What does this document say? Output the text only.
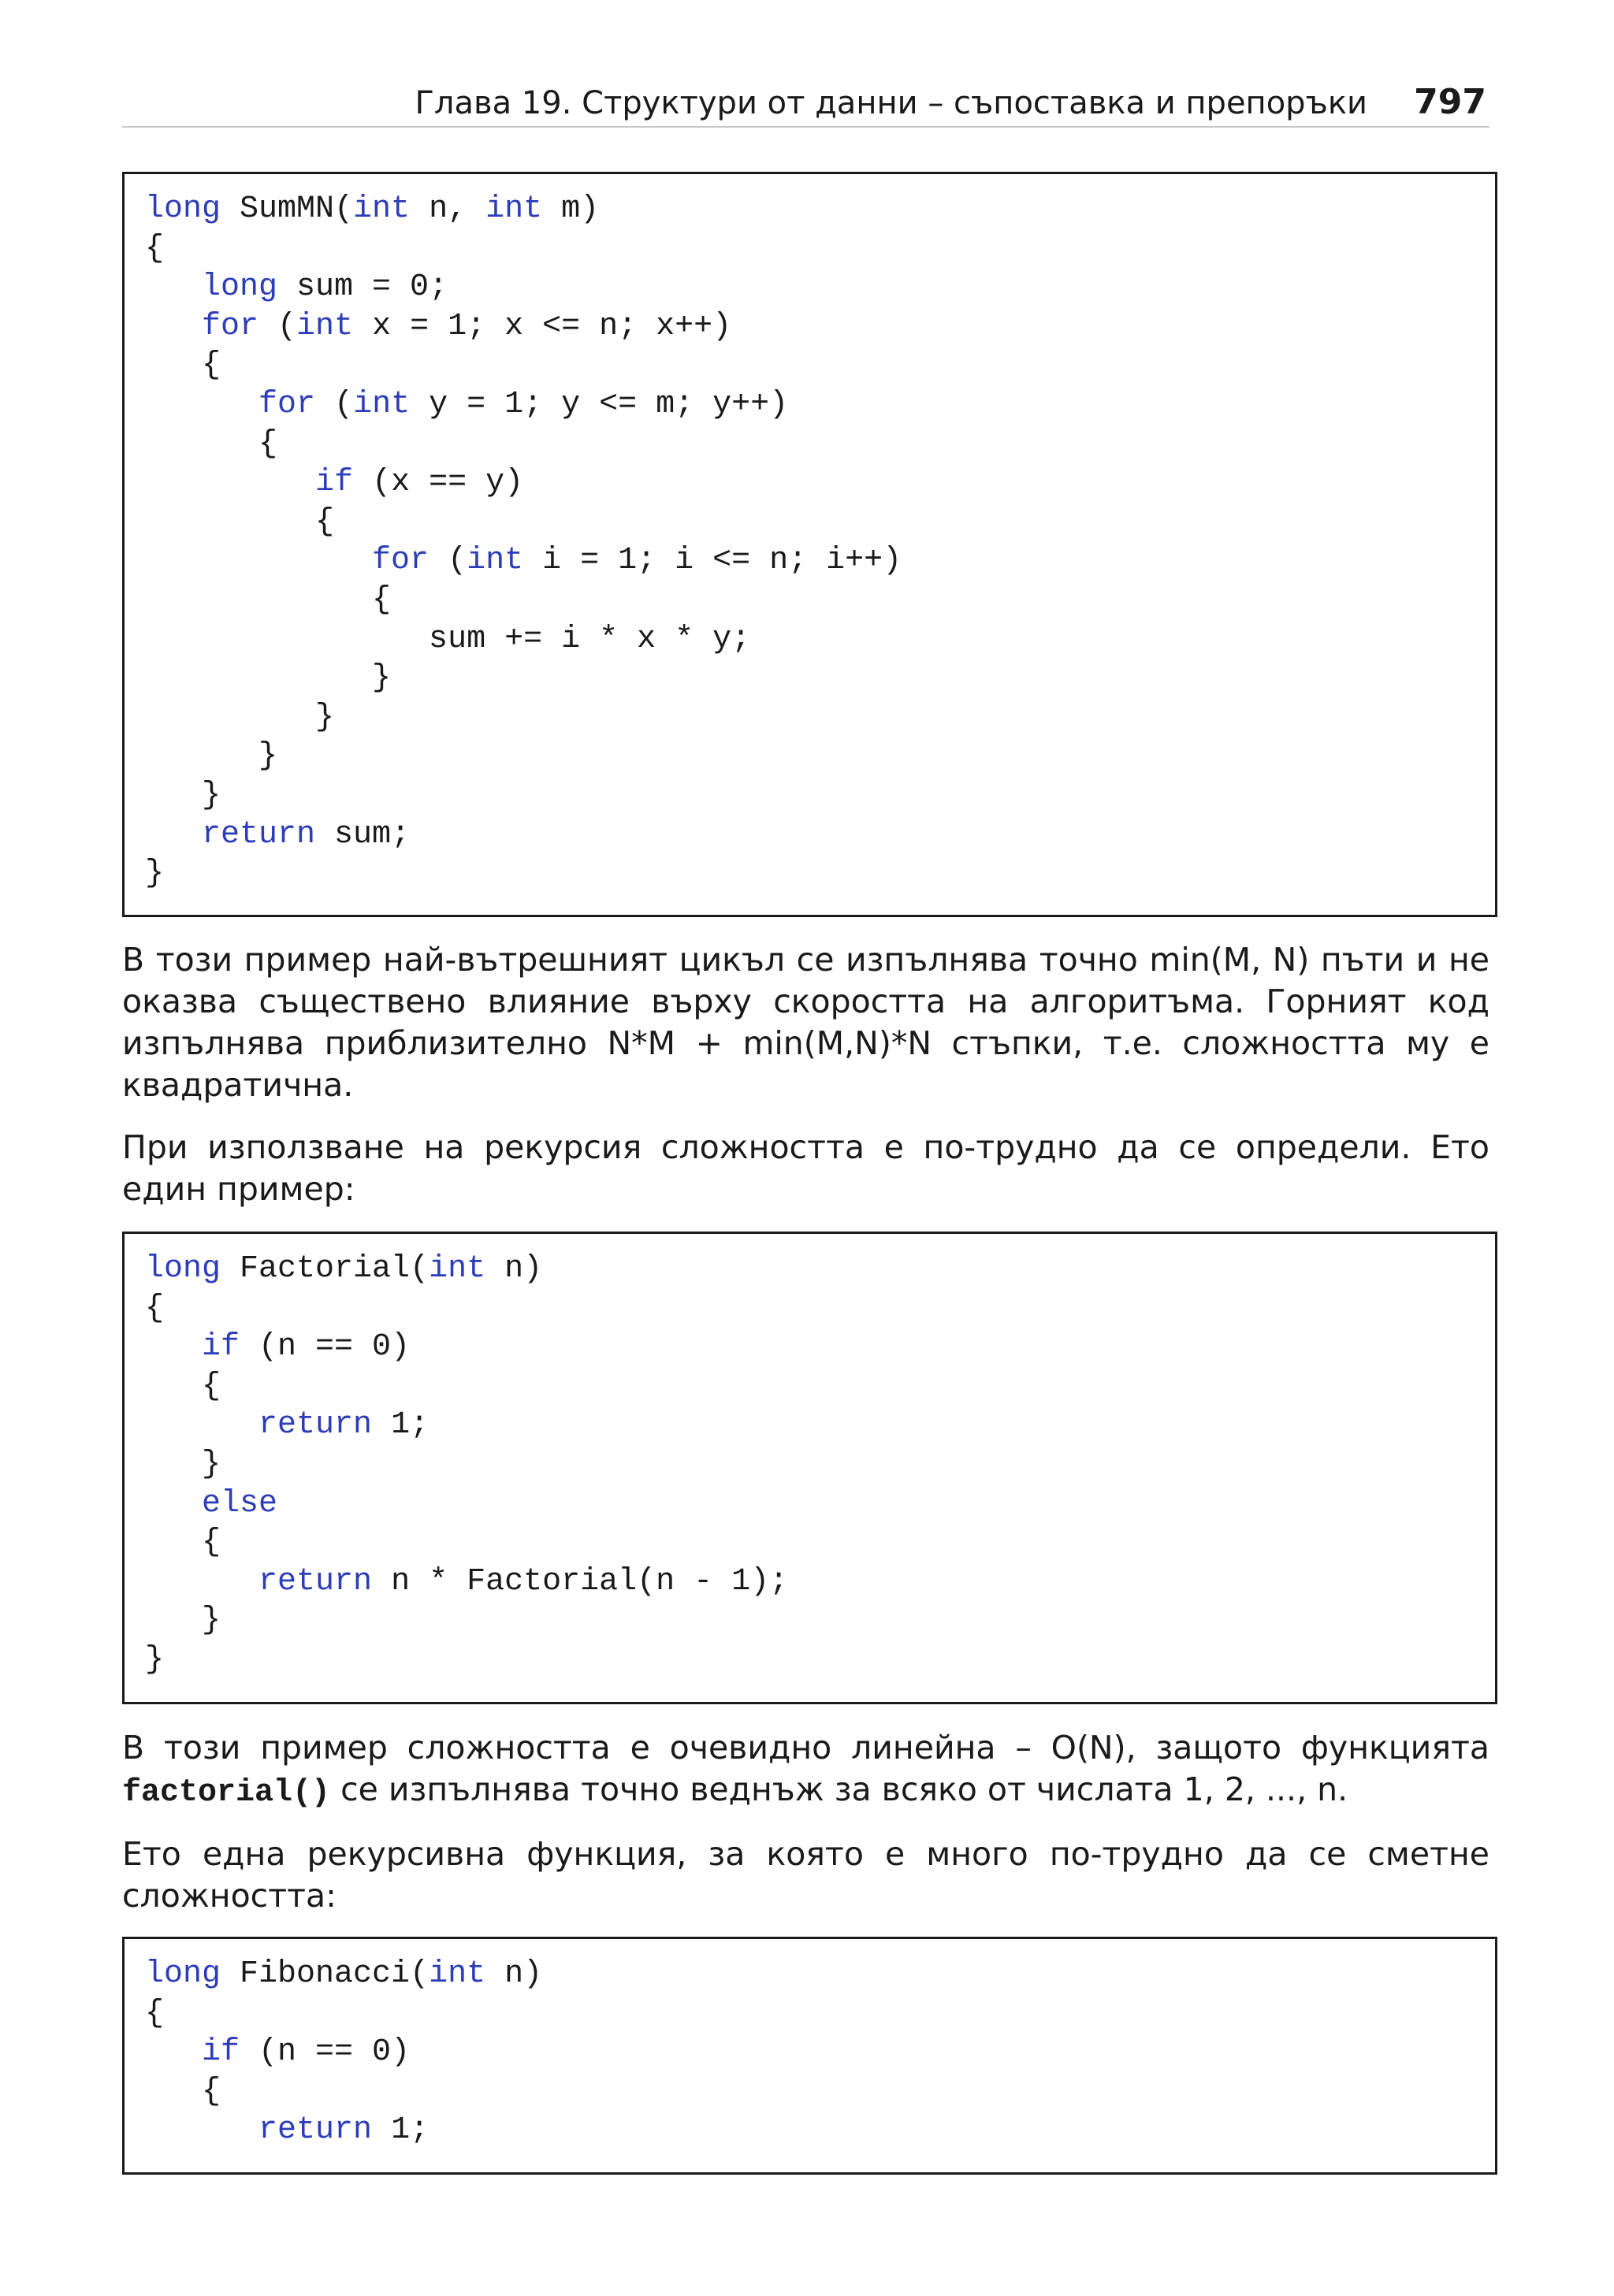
Глава 19. Структури от данни – съпоставка и препоръки 797
long SumMN(int n, int m)
{
long sum = 0;
for (int x = 1; x <= n; x++)
{
for (int y = 1; y <= m; y++)
{
if (x == y)
{
for (int i = 1; i <= n; i++)
{
sum += i * x * y;
}
}
}
}
return sum;
}

В този пример най-вътрешният цикъл се изпълнява точно min(M, N) пъти и не оказва съществено влияние върху скоростта на алгоритъма. Горният код изпълнява приблизително N*M + min(M,N)*N стъпки, т.е. сложността му е квадратична.

При използване на рекурсия сложността е по-трудно да се определи. Ето един пример:

long Factorial(int n)
{
if (n == 0)
{
return 1;
}
else
{
return n * Factorial(n - 1);
}
}

В този пример сложността е очевидно линейна – O(N), защото функцията factorial() се изпълнява точно веднъж за всяко от числата 1, 2, ..., n.

Ето една рекурсивна функция, за която е много по-трудно да се сметне сложността:

long Fibonacci(int n)
{
if (n == 0)
{
return 1;
